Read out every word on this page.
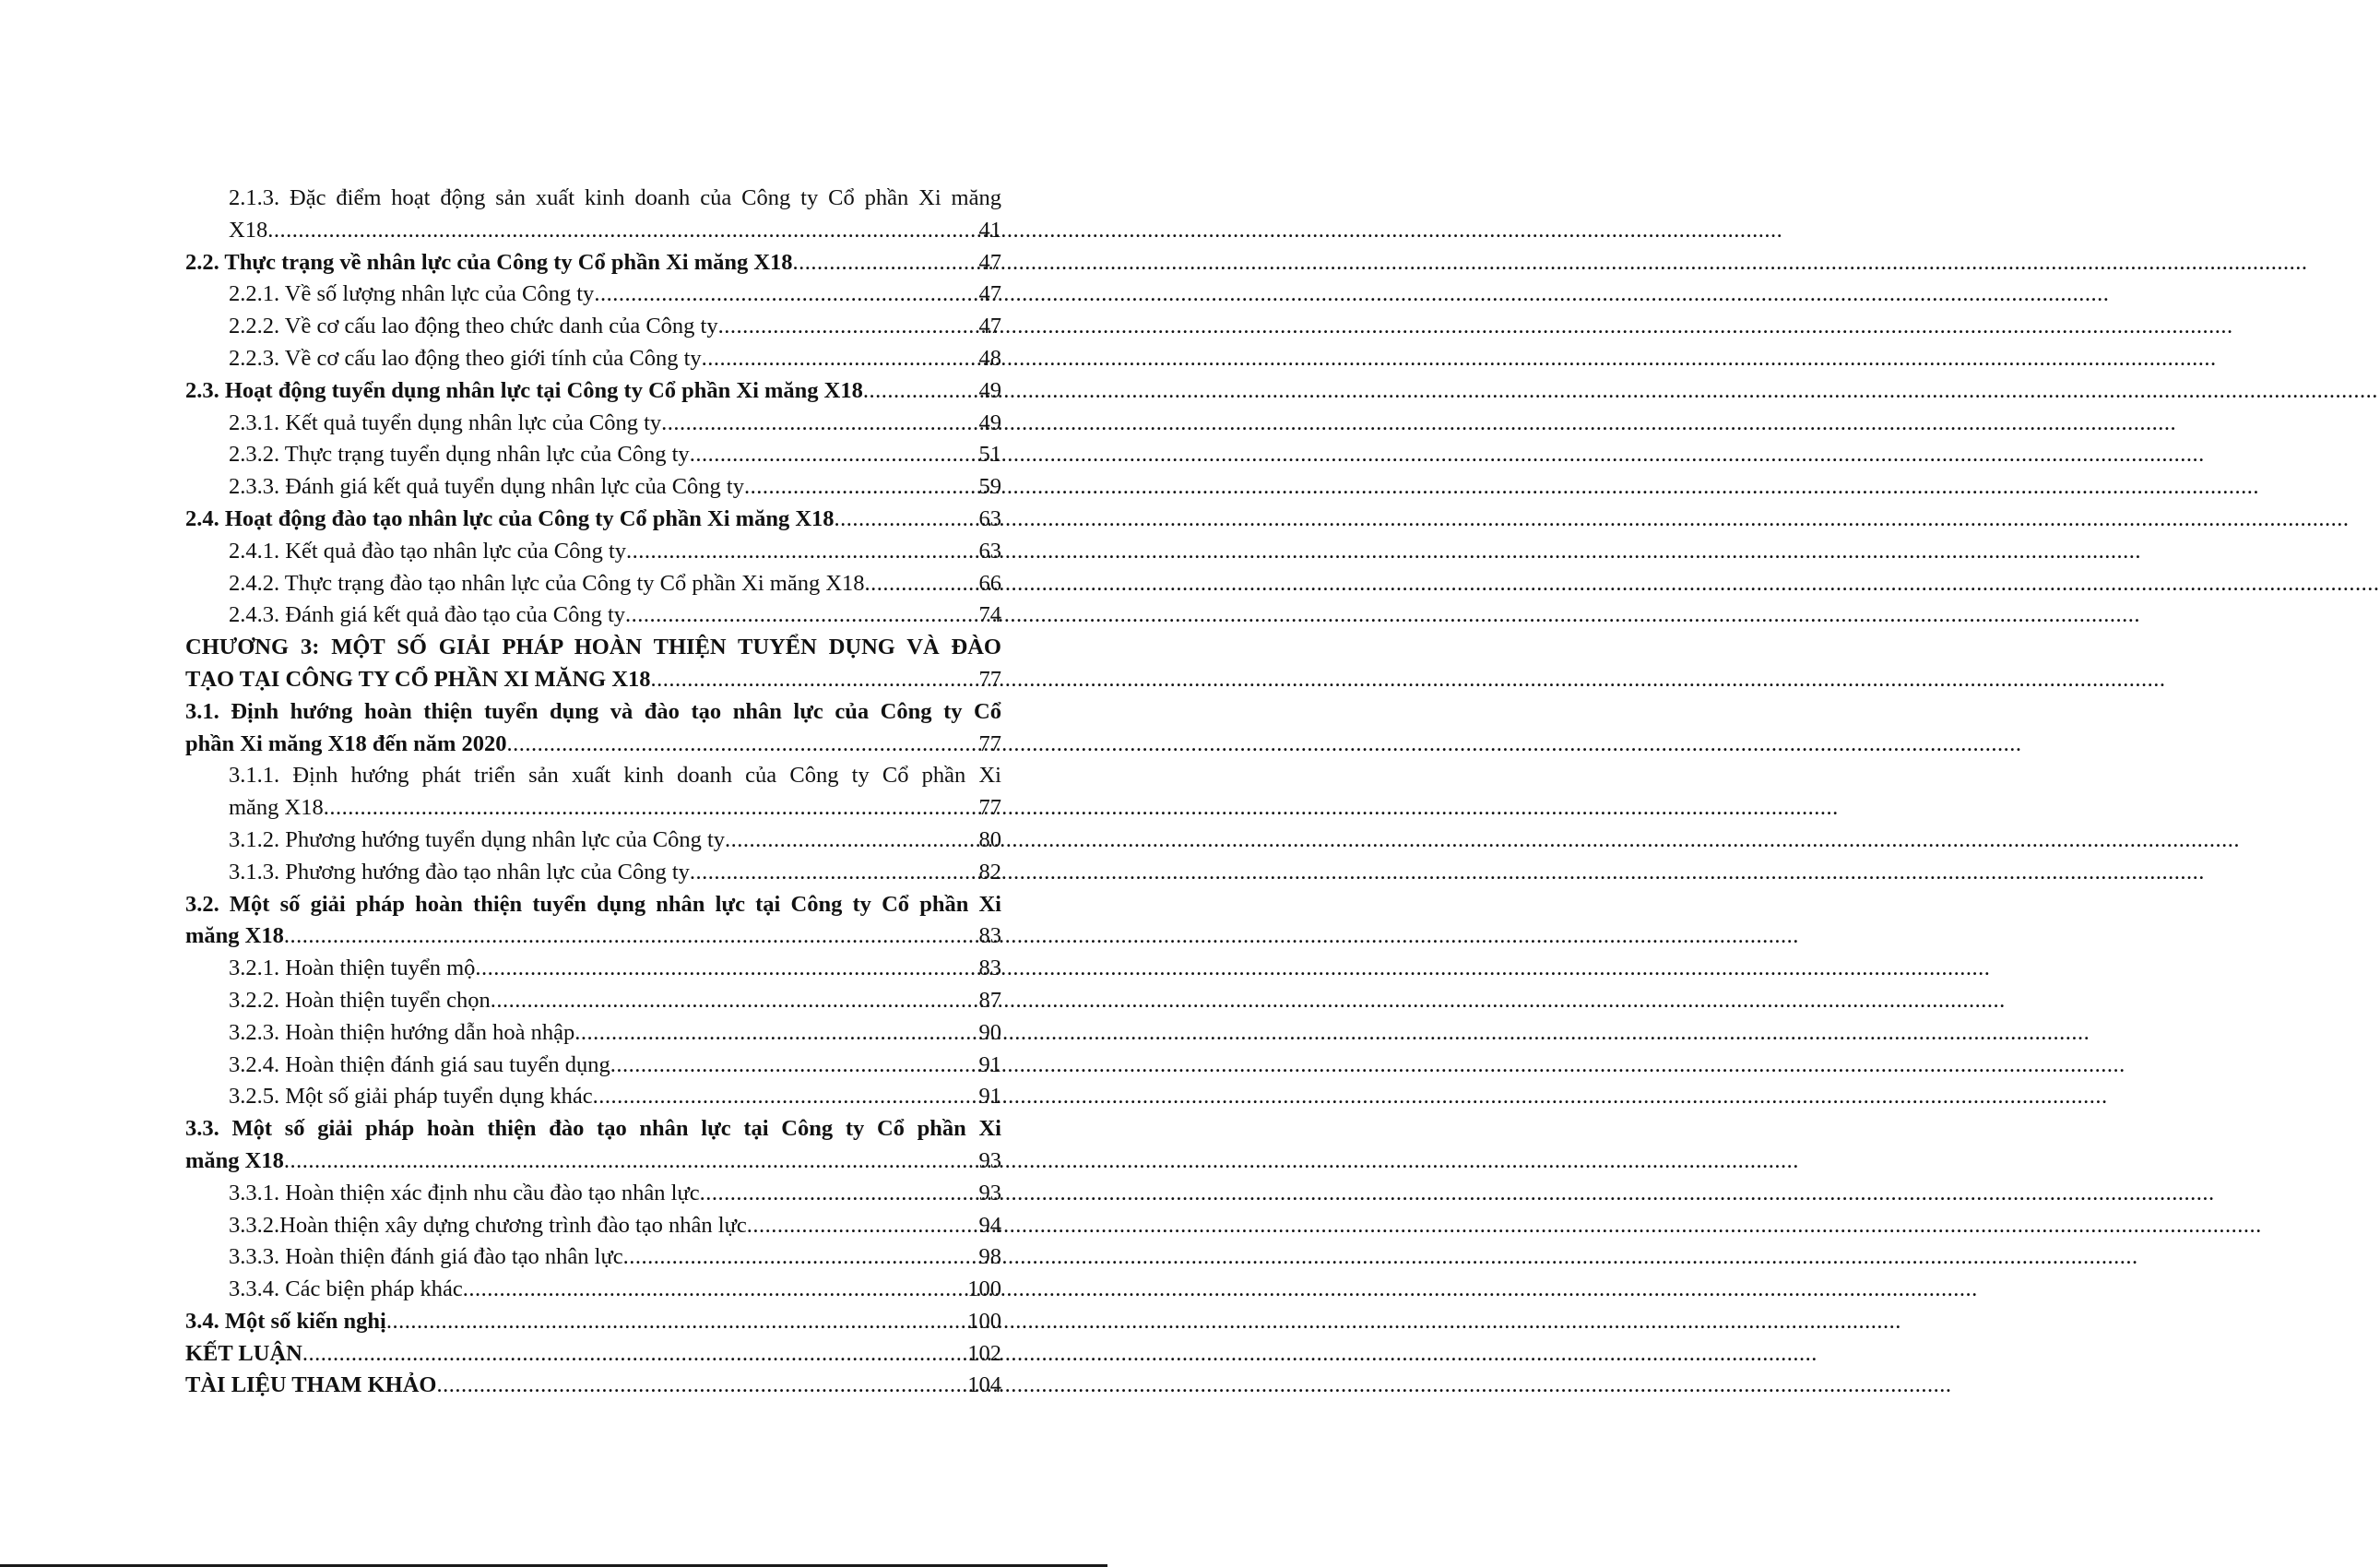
2.1.3. Đặc điểm hoạt động sản xuất kinh doanh của Công ty Cổ phần Xi măng
X18 .....	41
2.2. Thực trạng về nhân lực của Công ty Cổ phần Xi măng X18 .....	47
2.2.1. Về số lượng nhân lực của Công ty .....	47
2.2.2. Về cơ cấu lao động theo chức danh của Công ty .....	47
2.2.3. Về cơ cấu lao động theo giới tính của Công ty .....	48
2.3. Hoạt động tuyển dụng nhân lực tại Công ty Cổ phần Xi măng X18 .....	49
2.3.1. Kết quả tuyển dụng nhân lực của Công ty .....	49
2.3.2. Thực trạng tuyển dụng nhân lực của Công ty .....	51
2.3.3. Đánh giá kết quả tuyển dụng nhân lực của Công ty .....	59
2.4. Hoạt động đào tạo nhân lực của Công ty Cổ phần Xi măng X18 .....	63
2.4.1. Kết quả đào tạo nhân lực của Công ty .....	63
2.4.2. Thực trạng đào tạo nhân lực của Công ty Cổ phần Xi măng X18 .....	66
2.4.3. Đánh giá kết quả đào tạo của Công ty .....	74
CHƯƠNG 3: MỘT SỐ GIẢI PHÁP HOÀN THIỆN TUYỂN DỤNG VÀ ĐÀO
TẠO TẠI CÔNG TY CỔ PHẦN XI MĂNG X18 .....	77
3.1. Định hướng hoàn thiện tuyển dụng và đào tạo nhân lực của Công ty Cổ
phần Xi măng X18 đến năm 2020 .....	77
3.1.1. Định hướng phát triển sản xuất kinh doanh của Công ty Cổ phần Xi
măng X18 .....	77
3.1.2. Phương hướng tuyển dụng nhân lực của Công ty .....	80
3.1.3. Phương hướng đào tạo nhân lực của Công ty .....	82
3.2. Một số giải pháp hoàn thiện tuyển dụng nhân lực tại Công ty Cổ phần Xi
măng X18 .....	83
3.2.1. Hoàn thiện tuyển mộ .....	83
3.2.2. Hoàn thiện tuyển chọn .....	87
3.2.3. Hoàn thiện hướng dẫn hoà nhập .....	90
3.2.4. Hoàn thiện đánh giá sau tuyển dụng .....	91
3.2.5. Một số giải pháp tuyển dụng khác .....	91
3.3. Một số giải pháp hoàn thiện đào tạo nhân lực tại Công ty Cổ phần Xi
măng X18 .....	93
3.3.1. Hoàn thiện xác định nhu cầu đào tạo nhân lực .....	93
3.3.2.Hoàn thiện xây dựng chương trình đào tạo nhân lực .....	94
3.3.3. Hoàn thiện đánh giá đào tạo nhân lực .....	98
3.3.4. Các biện pháp khác .....	100
3.4. Một số kiến nghị .....	100
KẾT LUẬN .....	102
TÀI LIỆU THAM KHẢO .....	104
